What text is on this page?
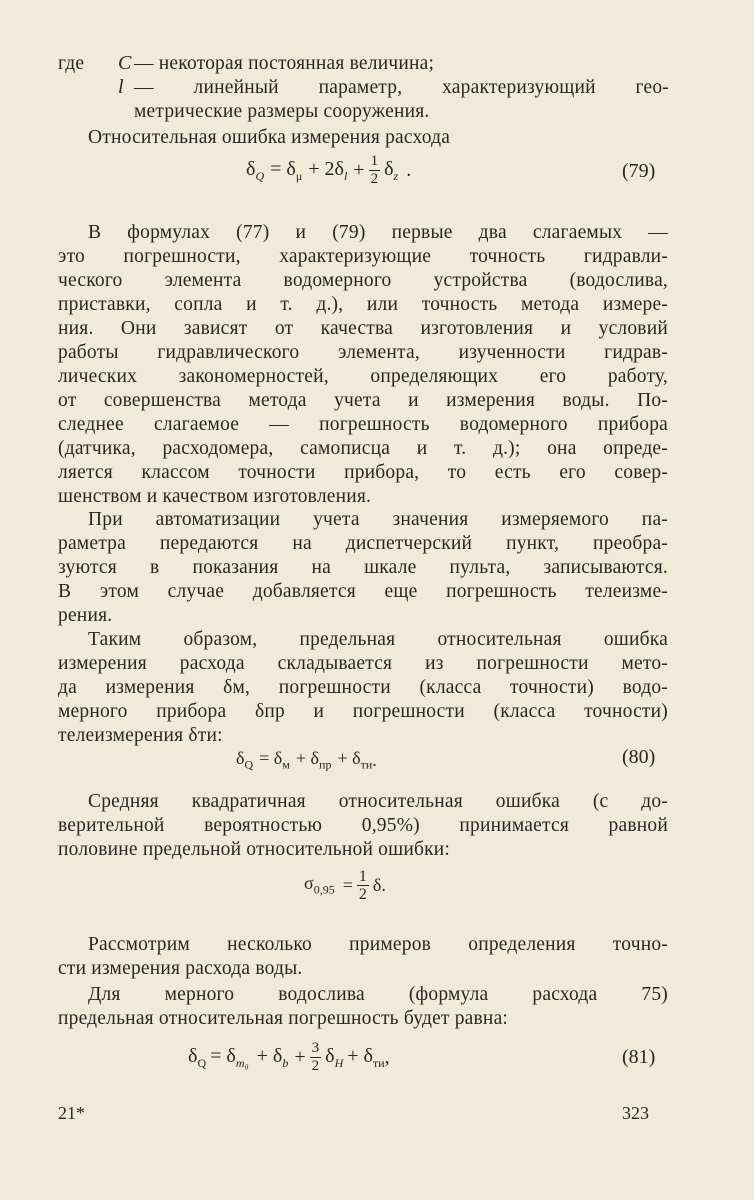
где	C — некоторая постоянная величина;
l — линейный параметр, характеризующий гео-
метрические размеры сооружения.
Относительная ошибка измерения расхода
$\delta_Q = \delta_\mu + 2\delta_l + \frac{1}{2} \delta_z$ .	(79)
В формулах (77) и (79) первые два слагаемых —
это погрешности, характеризующие точность гидравли-
ческого элемента водомерного устройства (водослива,
приставки, сопла и т. д.), или точность метода измере-
ния. Они зависят от качества изготовления и условий
работы гидравлического элемента, изученности гидрав-
лических закономерностей, определяющих его работу,
от совершенства метода учета и измерения воды. По-
следнее слагаемое — погрешность водомерного прибора
(датчика, расходомера, самописца и т. д.); она опреде-
ляется классом точности прибора, то есть его совер-
шенством и качеством изготовления.
При автоматизации учета значения измеряемого па-
раметра передаются на диспетчерский пункт, преобра-
зуются в показания на шкале пульта, записываются.
В этом случае добавляется еще погрешность телеизме-
рения.
Таким образом, предельная относительная ошибка
измерения расхода складывается из погрешности мето-
да измерения δм, погрешности (класса точности) водо-
мерного прибора δпр и погрешности (класса точности)
телеизмерения δти:
$\delta_Q = \delta_м + \delta_{пр} + \delta_{ти}$ .	(80)
Средняя квадратичная относительная ошибка (с до-
верительной вероятностью 0,95%) принимается равной
половине предельной относительной ошибки:
$\sigma_{0,95} = \frac{1}{2} \delta$.
Рассмотрим несколько примеров определения точно-
сти измерения расхода воды.
Для мерного водослива (формула расхода 75)
предельная относительная погрешность будет равна:
$\delta_Q = \delta_{m_0} + \delta_b + \frac{3}{2} \delta_H + \delta_{ти}$ ,	(81)
21*	323
